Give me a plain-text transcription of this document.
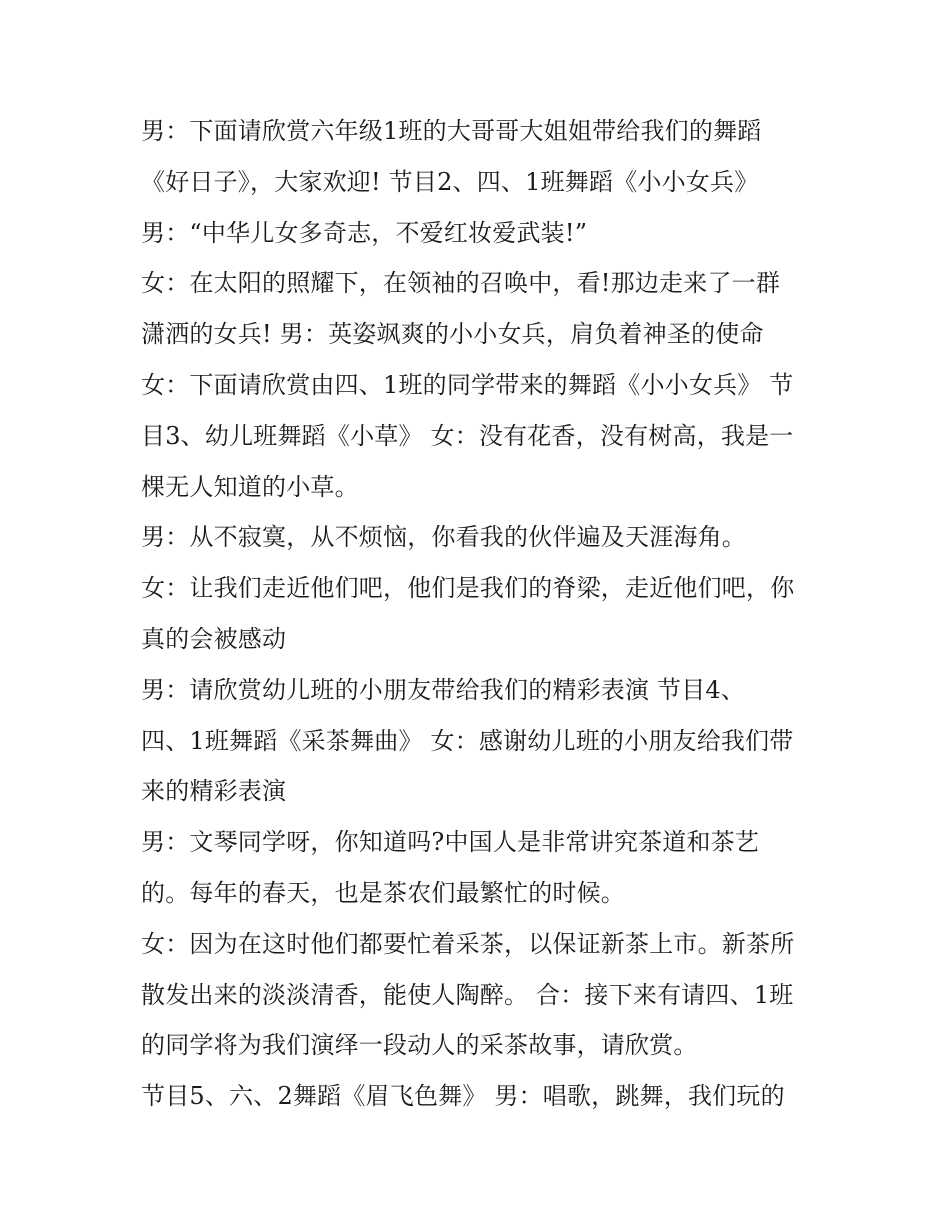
男：下面请欣赏六年级1班的大哥哥大姐姐带给我们的舞蹈
《好日子》，大家欢迎! 节目2、四、1班舞蹈《小小女兵》
男：“中华儿女多奇志，不爱红妆爱武装!”
女：在太阳的照耀下，在领袖的召唤中，看!那边走来了一群
潇洒的女兵! 男：英姿飒爽的小小女兵，肩负着神圣的使命
女：下面请欣赏由四、1班的同学带来的舞蹈《小小女兵》 节
目3、幼儿班舞蹈《小草》 女：没有花香，没有树高，我是一
棵无人知道的小草。
男：从不寂寞，从不烦恼，你看我的伙伴遍及天涯海角。
女：让我们走近他们吧，他们是我们的脊梁，走近他们吧，你
真的会被感动
男：请欣赏幼儿班的小朋友带给我们的精彩表演 节目4、
四、1班舞蹈《采茶舞曲》 女：感谢幼儿班的小朋友给我们带
来的精彩表演
男：文琴同学呀，你知道吗?中国人是非常讲究茶道和茶艺
的。每年的春天，也是茶农们最繁忙的时候。
女：因为在这时他们都要忙着采茶，以保证新茶上市。新茶所
散发出来的淡淡清香，能使人陶醉。 合：接下来有请四、1班
的同学将为我们演绎一段动人的采茶故事，请欣赏。
节目5、六、2舞蹈《眉飞色舞》 男：唱歌，跳舞，我们玩的
